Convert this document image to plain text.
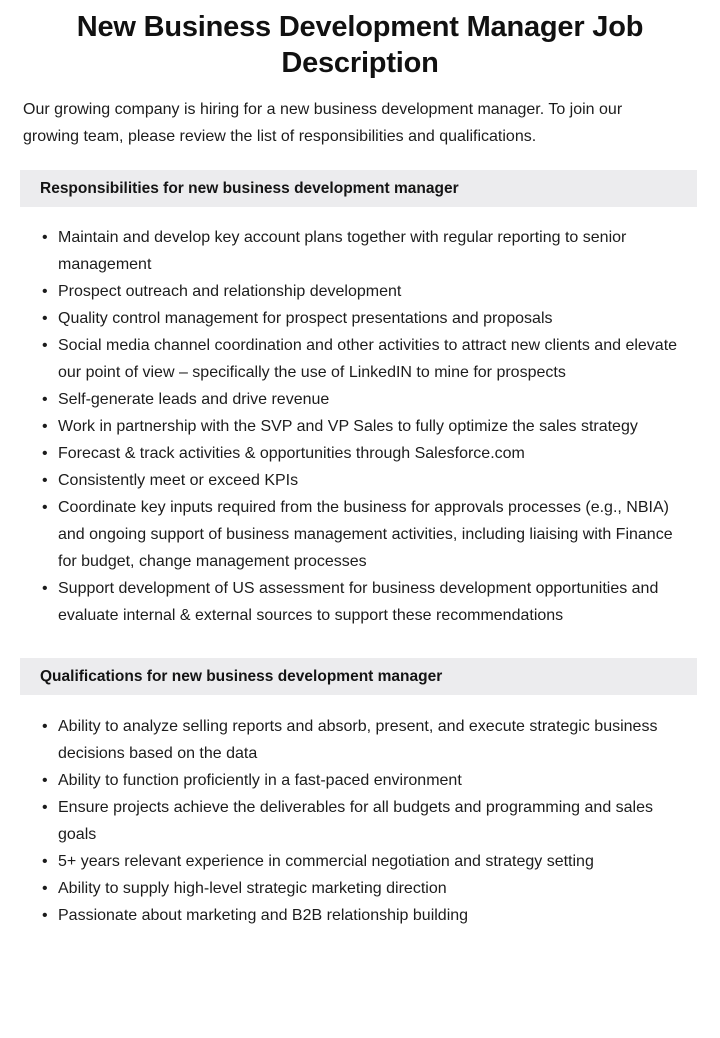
New Business Development Manager Job Description

Our growing company is hiring for a new business development manager. To join our growing team, please review the list of responsibilities and qualifications.

Responsibilities for new business development manager
• Maintain and develop key account plans together with regular reporting to senior management
• Prospect outreach and relationship development
• Quality control management for prospect presentations and proposals
• Social media channel coordination and other activities to attract new clients and elevate our point of view – specifically the use of LinkedIN to mine for prospects
• Self-generate leads and drive revenue
• Work in partnership with the SVP and VP Sales to fully optimize the sales strategy
• Forecast & track activities & opportunities through Salesforce.com
• Consistently meet or exceed KPIs
• Coordinate key inputs required from the business for approvals processes (e.g., NBIA) and ongoing support of business management activities, including liaising with Finance for budget, change management processes
• Support development of US assessment for business development opportunities and evaluate internal & external sources to support these recommendations
Qualifications for new business development manager
• Ability to analyze selling reports and absorb, present, and execute strategic business decisions based on the data
• Ability to function proficiently in a fast-paced environment
• Ensure projects achieve the deliverables for all budgets and programming and sales goals
• 5+ years relevant experience in commercial negotiation and strategy setting
• Ability to supply high-level strategic marketing direction
• Passionate about marketing and B2B relationship building
